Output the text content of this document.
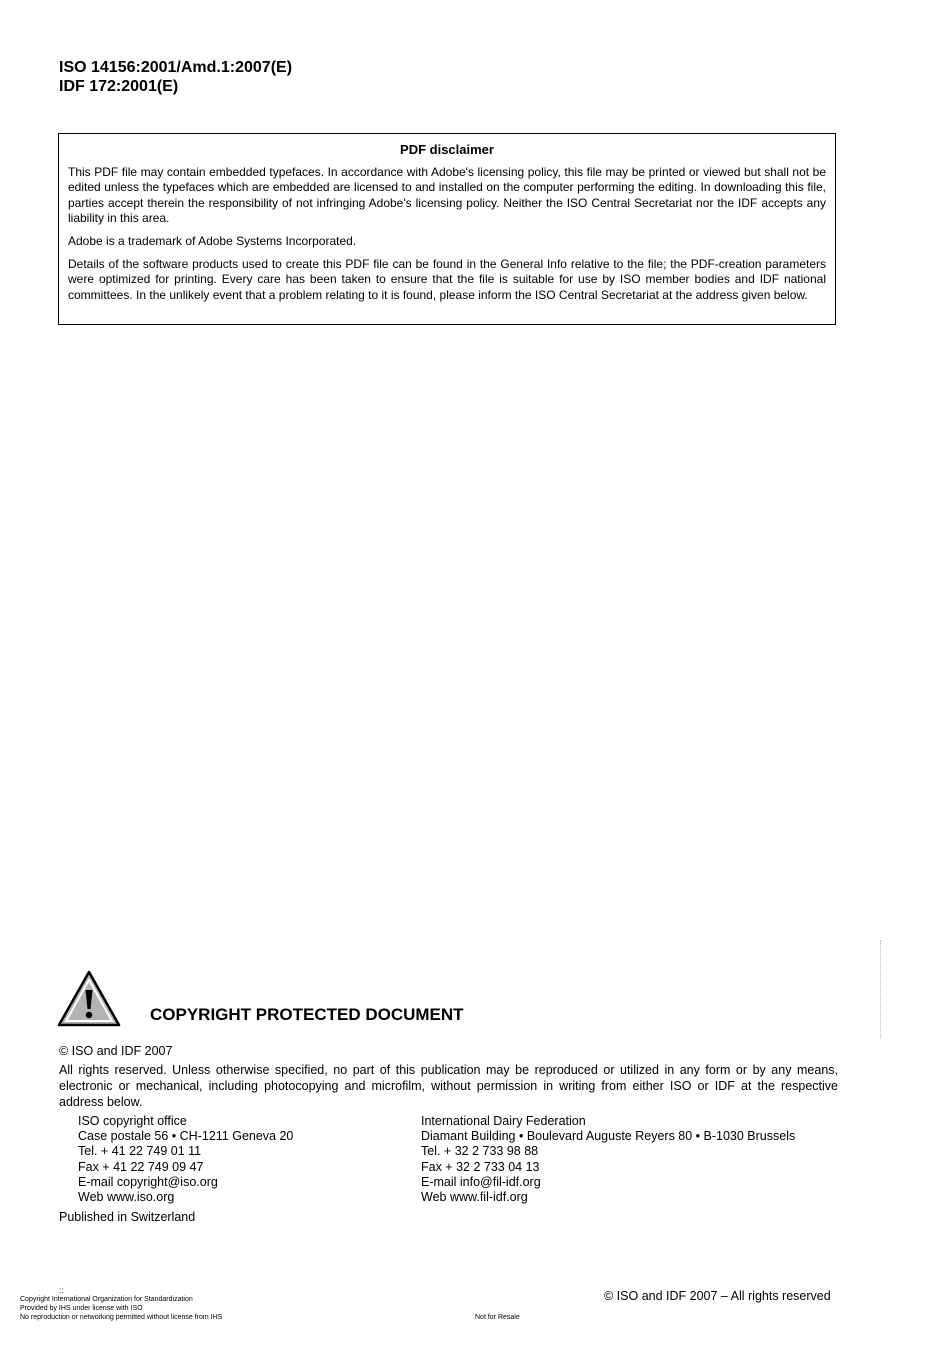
ISO 14156:2001/Amd.1:2007(E)
IDF 172:2001(E)
PDF disclaimer

This PDF file may contain embedded typefaces. In accordance with Adobe's licensing policy, this file may be printed or viewed but shall not be edited unless the typefaces which are embedded are licensed to and installed on the computer performing the editing. In downloading this file, parties accept therein the responsibility of not infringing Adobe's licensing policy. Neither the ISO Central Secretariat nor the IDF accepts any liability in this area.

Adobe is a trademark of Adobe Systems Incorporated.

Details of the software products used to create this PDF file can be found in the General Info relative to the file; the PDF-creation parameters were optimized for printing. Every care has been taken to ensure that the file is suitable for use by ISO member bodies and IDF national committees. In the unlikely event that a problem relating to it is found, please inform the ISO Central Secretariat at the address given below.

COPYRIGHT PROTECTED DOCUMENT
© ISO and IDF 2007
All rights reserved. Unless otherwise specified, no part of this publication may be reproduced or utilized in any form or by any means, electronic or mechanical, including photocopying and microfilm, without permission in writing from either ISO or IDF at the respective address below.
ISO copyright office
Case postale 56 • CH-1211 Geneva 20
Tel. + 41 22 749 01 11
Fax + 41 22 749 09 47
E-mail copyright@iso.org
Web www.iso.org
International Dairy Federation
Diamant Building • Boulevard Auguste Reyers 80 • B-1030 Brussels
Tel. + 32 2 733 98 88
Fax + 32 2 733 04 13
E-mail info@fil-idf.org
Web www.fil-idf.org
Published in Switzerland
© ISO and IDF 2007 – All rights reserved
::
Copyright International Organization for Standardization
Provided by IHS under license with ISO
No reproduction or networking permitted without license from IHS	Not for Resale
